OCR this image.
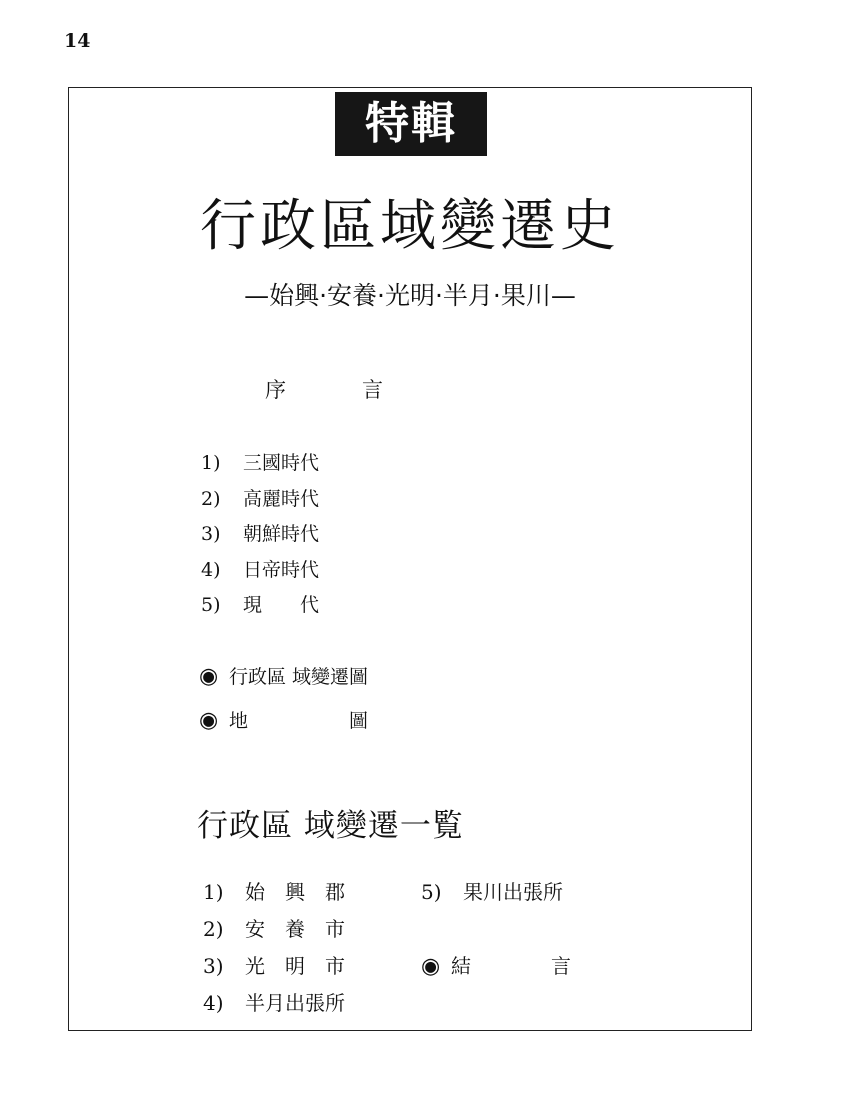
14
特輯
行政區域變遷史
—始興·安養·光明·半月·果川—
序	言
1) 三國時代
2) 高麗時代
3) 朝鮮時代
4) 日帝時代
5) 現　　代
◉ 行政區 域變遷圖
◉ 地　　　　　 圖
行政區 域變遷一覧
1) 始　興　郡
2) 安　養　市
3) 光　明　市
4) 半月出張所
5) 果川出張所
◉ 結　　　　言
